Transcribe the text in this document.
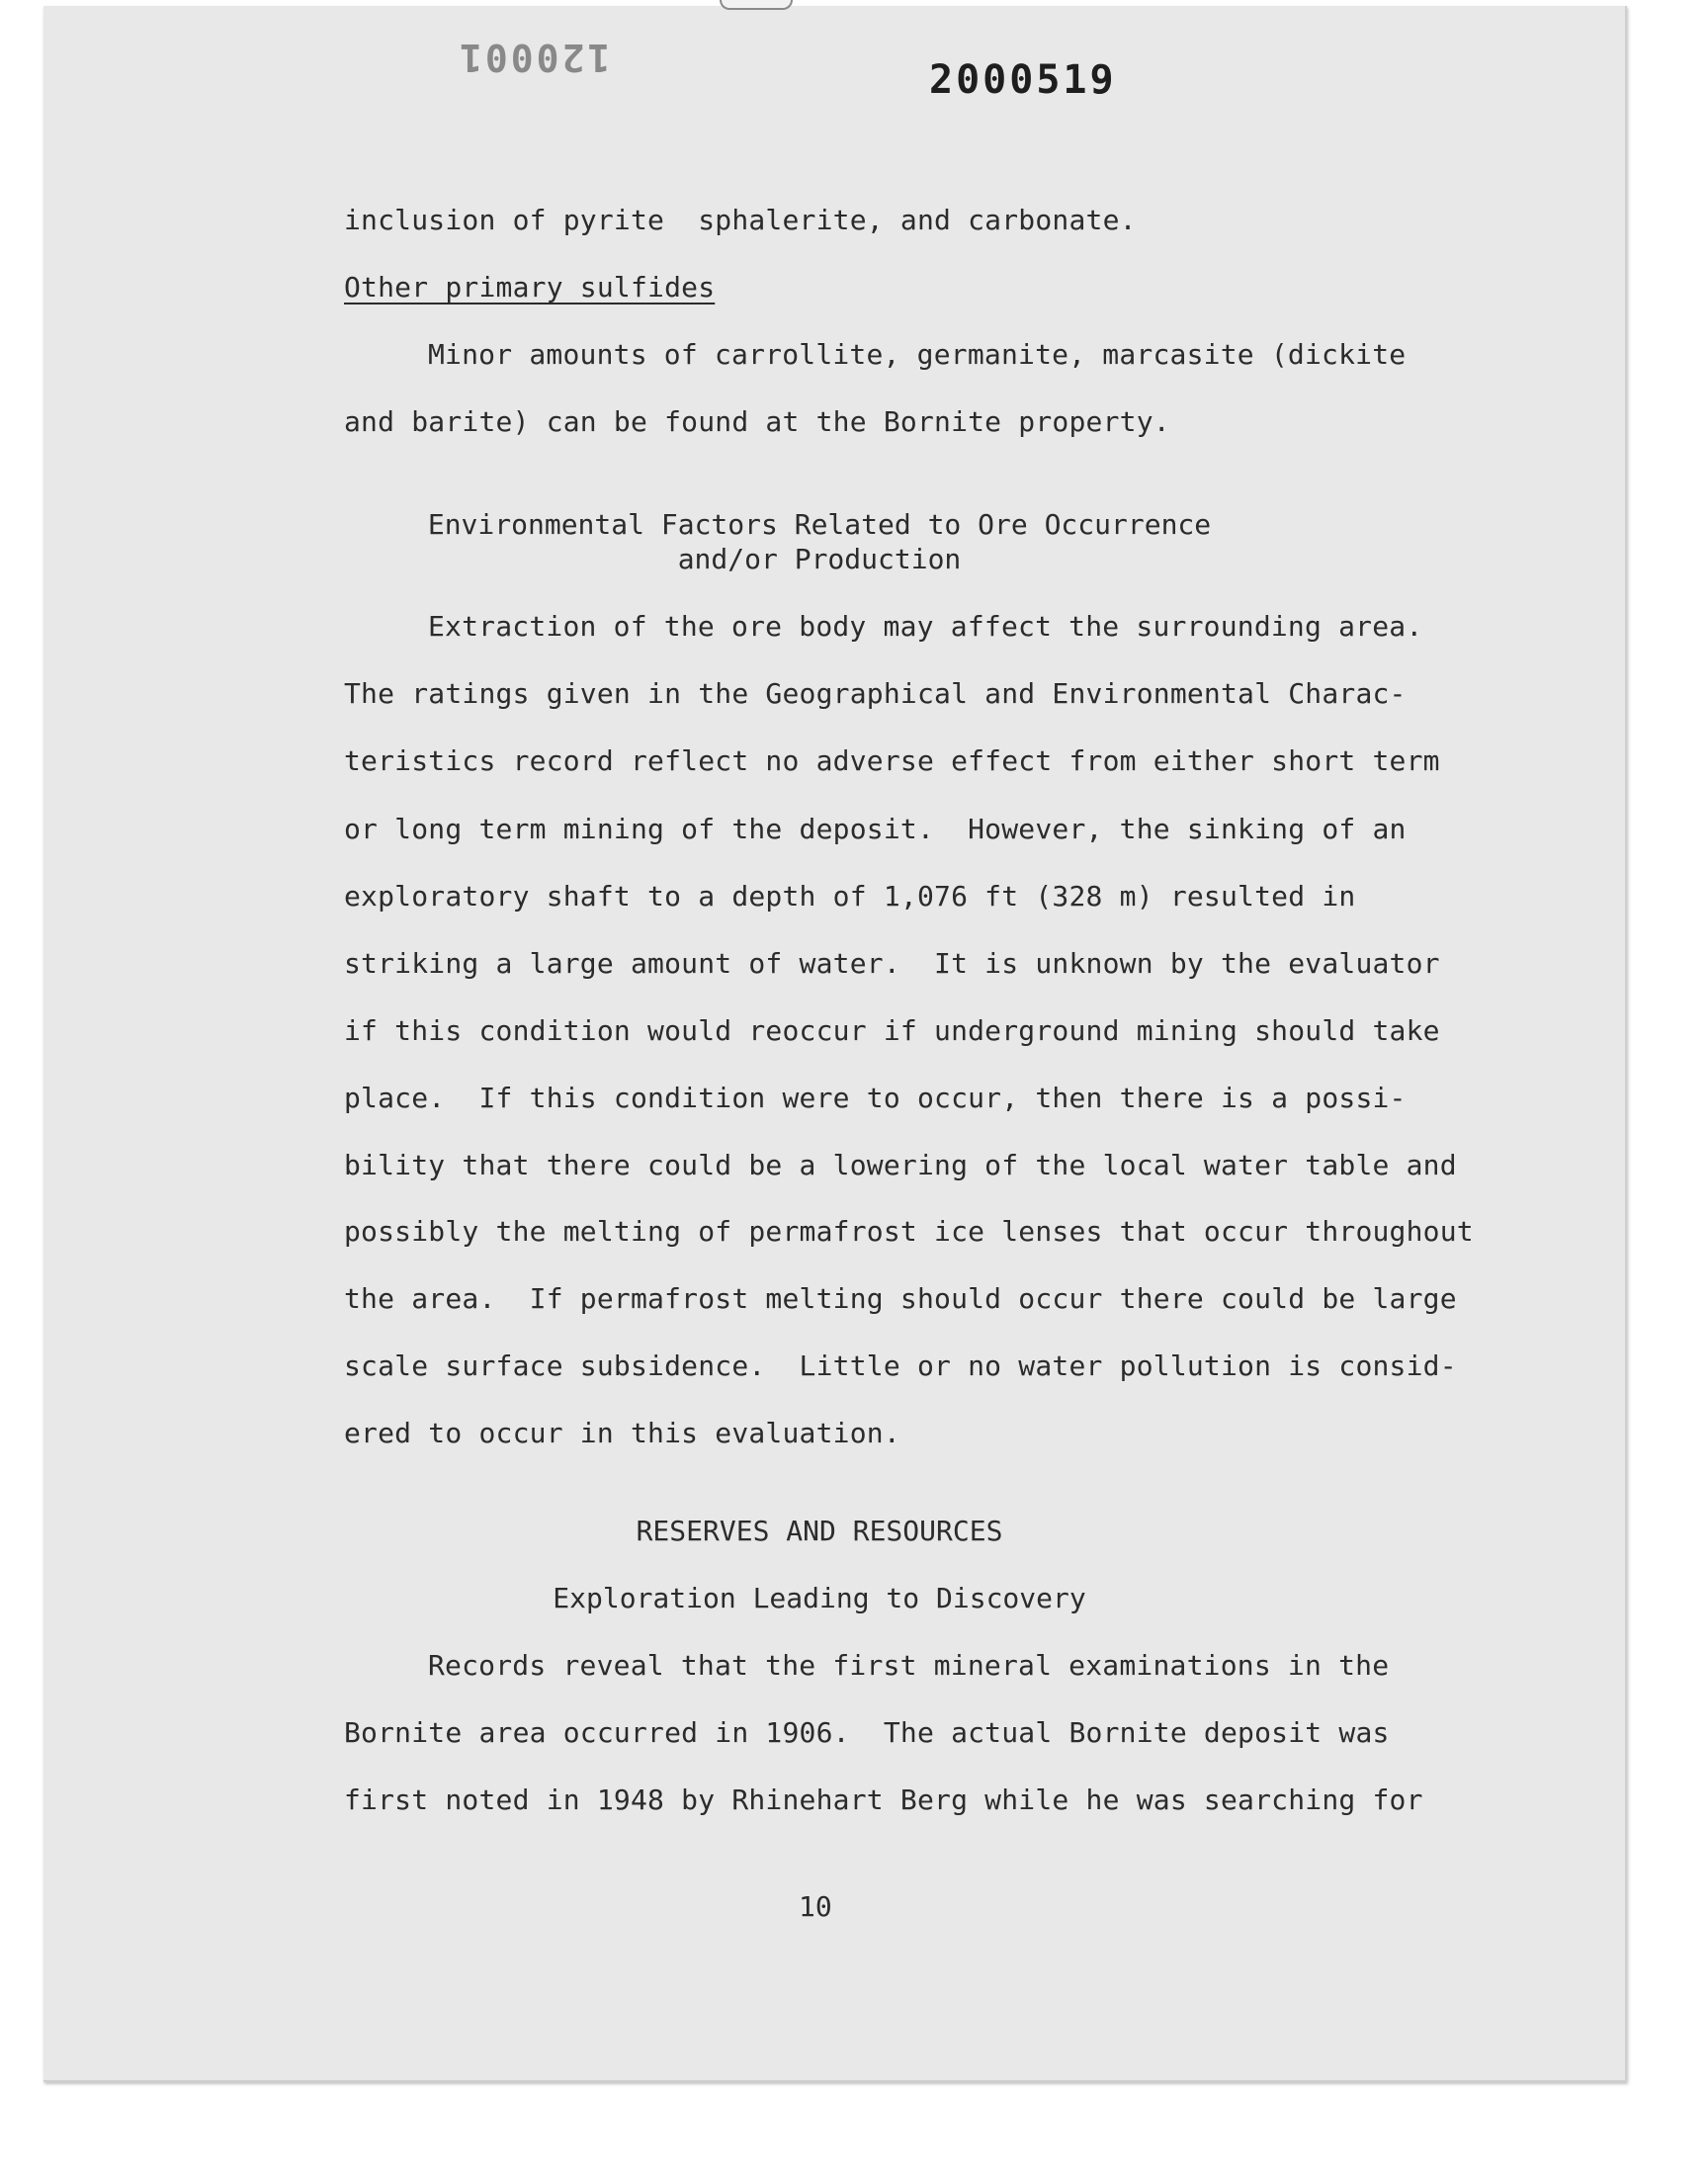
120001	2000519
inclusion of pyrite  sphalerite, and carbonate.
Other primary sulfides
Minor amounts of carrollite, germanite, marcasite (dickite
and barite) can be found at the Bornite property.
Environmental Factors Related to Ore Occurrence
and/or Production
Extraction of the ore body may affect the surrounding area.
The ratings given in the Geographical and Environmental Charac-
teristics record reflect no adverse effect from either short term
or long term mining of the deposit.  However, the sinking of an
exploratory shaft to a depth of 1,076 ft (328 m) resulted in
striking a large amount of water.  It is unknown by the evaluator
if this condition would reoccur if underground mining should take
place.  If this condition were to occur, then there is a possi-
bility that there could be a lowering of the local water table and
possibly the melting of permafrost ice lenses that occur throughout
the area.  If permafrost melting should occur there could be large
scale surface subsidence.  Little or no water pollution is consid-
ered to occur in this evaluation.
RESERVES AND RESOURCES
Exploration Leading to Discovery
Records reveal that the first mineral examinations in the
Bornite area occurred in 1906.  The actual Bornite deposit was
first noted in 1948 by Rhinehart Berg while he was searching for
10
